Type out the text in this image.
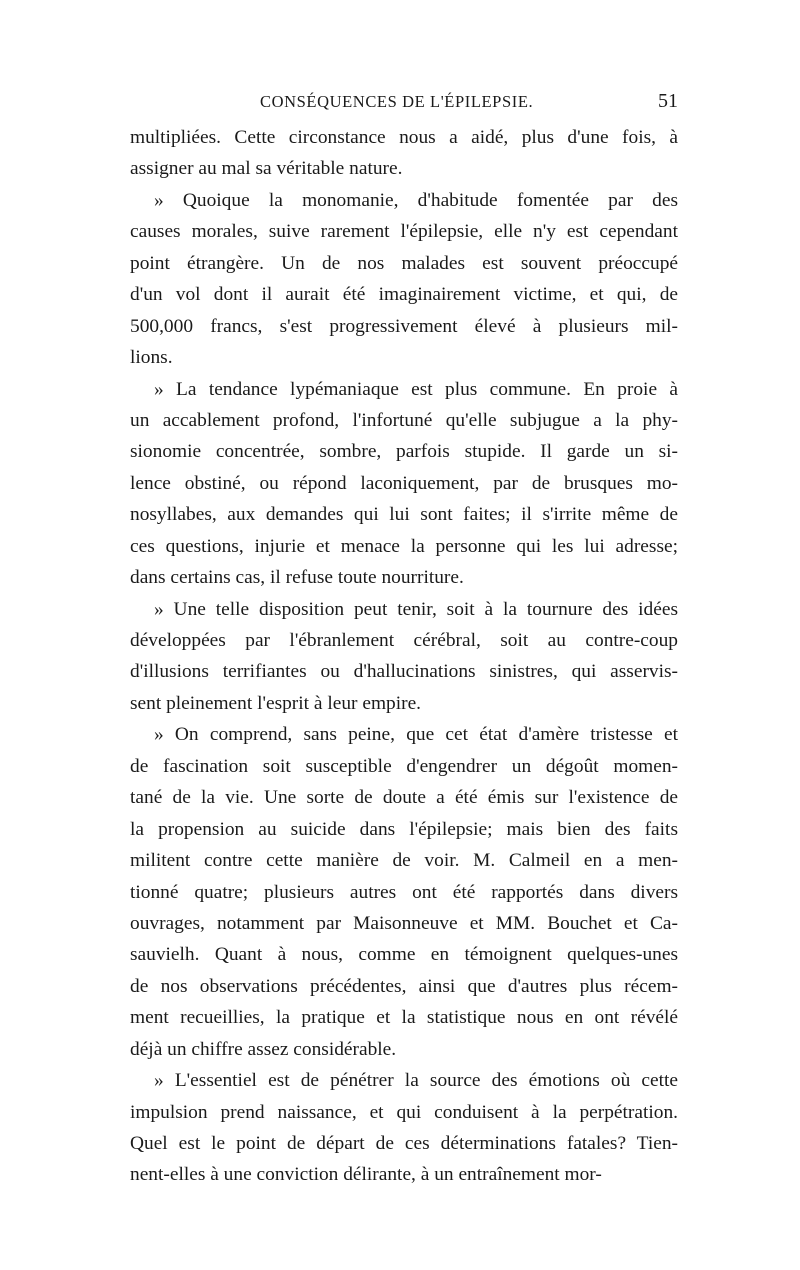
CONSÉQUENCES DE L'ÉPILEPSIE.	51
multipliées. Cette circonstance nous a aidé, plus d'une fois, à
assigner au mal sa véritable nature.
» Quoique la monomanie, d'habitude fomentée par des
causes morales, suive rarement l'épilepsie, elle n'y est cependant
point étrangère. Un de nos malades est souvent préoccupé
d'un vol dont il aurait été imaginairement victime, et qui, de
500,000 francs, s'est progressivement élevé à plusieurs mil-
lions.
» La tendance lypémaniaque est plus commune. En proie à
un accablement profond, l'infortuné qu'elle subjugue a la phy-
sionomie concentrée, sombre, parfois stupide. Il garde un si-
lence obstiné, ou répond laconiquement, par de brusques mo-
nosyllabes, aux demandes qui lui sont faites; il s'irrite même de
ces questions, injurie et menace la personne qui les lui adresse;
dans certains cas, il refuse toute nourriture.
» Une telle disposition peut tenir, soit à la tournure des idées
développées par l'ébranlement cérébral, soit au contre-coup
d'illusions terrifiantes ou d'hallucinations sinistres, qui asservis-
sent pleinement l'esprit à leur empire.
» On comprend, sans peine, que cet état d'amère tristesse et
de fascination soit susceptible d'engendrer un dégoût momen-
tané de la vie. Une sorte de doute a été émis sur l'existence de
la propension au suicide dans l'épilepsie; mais bien des faits
militent contre cette manière de voir. M. Calmeil en a men-
tionné quatre; plusieurs autres ont été rapportés dans divers
ouvrages, notamment par Maisonneuve et MM. Bouchet et Ca-
sauvielh. Quant à nous, comme en témoignent quelques-unes
de nos observations précédentes, ainsi que d'autres plus récem-
ment recueillies, la pratique et la statistique nous en ont révélé
déjà un chiffre assez considérable.
» L'essentiel est de pénétrer la source des émotions où cette
impulsion prend naissance, et qui conduisent à la perpétration.
Quel est le point de départ de ces déterminations fatales? Tien-
nent-elles à une conviction délirante, à un entraînement mor-
